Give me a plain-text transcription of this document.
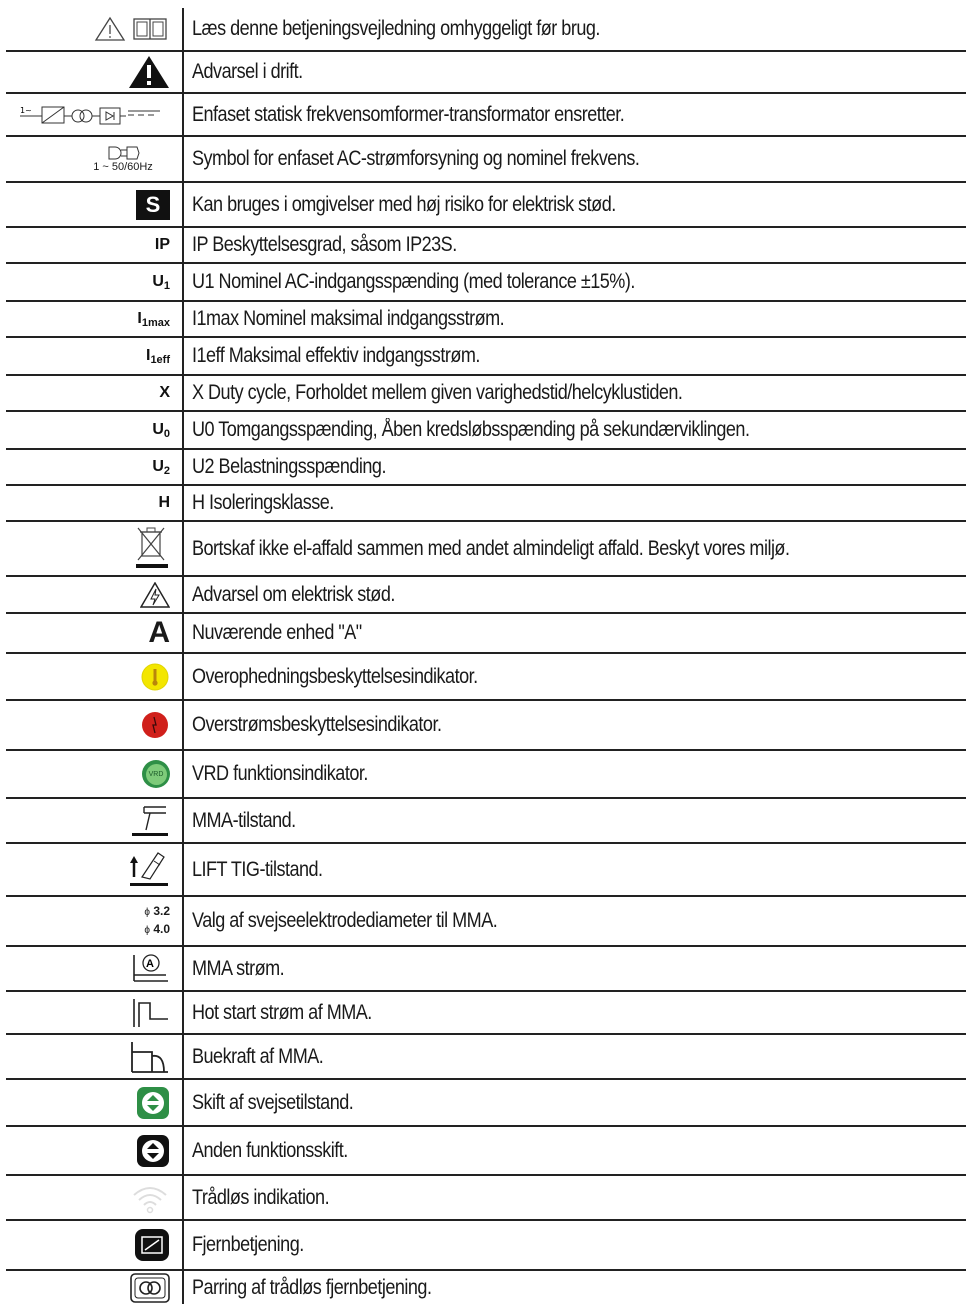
Læs denne betjeningsvejledning omhyggeligt før brug.
Advarsel i drift.
1~	Enfaset statisk frekvensomformer-transformator ensretter.
1 ~ 50/60Hz Symbol for enfaset AC-strømforsyning og nominel frekvens.
S Kan bruges i omgivelser med høj risiko for elektrisk stød.
IP IP Beskyttelsesgrad, såsom IP23S.
$U_1$ U1 Nominel AC-indgangsspænding (med tolerance ±15%).
$I_{1max}$ I1max Nominel maksimal indgangsstrøm.
$I_{1eff}$ I1eff Maksimal effektiv indgangsstrøm.
X X Duty cycle, Forholdet mellem given varighedstid/helcyklustiden.
$U_0$ U0 Tomgangsspænding, Åben kredsløbsspænding på sekundærviklingen.
$U_2$ U2 Belastningsspænding.
H H Isoleringsklasse.
Bortskaf ikke el-affald sammen med andet almindeligt affald. Beskyt vores miljø.
Advarsel om elektrisk stød.
A Nuværende enhed "A"
Overophedningsbeskyttelsesindikator.
Overstrømsbeskyttelsesindikator.
VRD VRD funktionsindikator.
MMA-tilstand.
LIFT TIG-tilstand.
ϕ 3.2
ϕ 4.0 Valg af svejseelektrodediameter til MMA.
A MMA strøm.
Hot start strøm af MMA.
Buekraft af MMA.
Skift af svejsetilstand.
Anden funktionsskift.
Trådløs indikation.
Fjernbetjening.
Parring af trådløs fjernbetjening.
